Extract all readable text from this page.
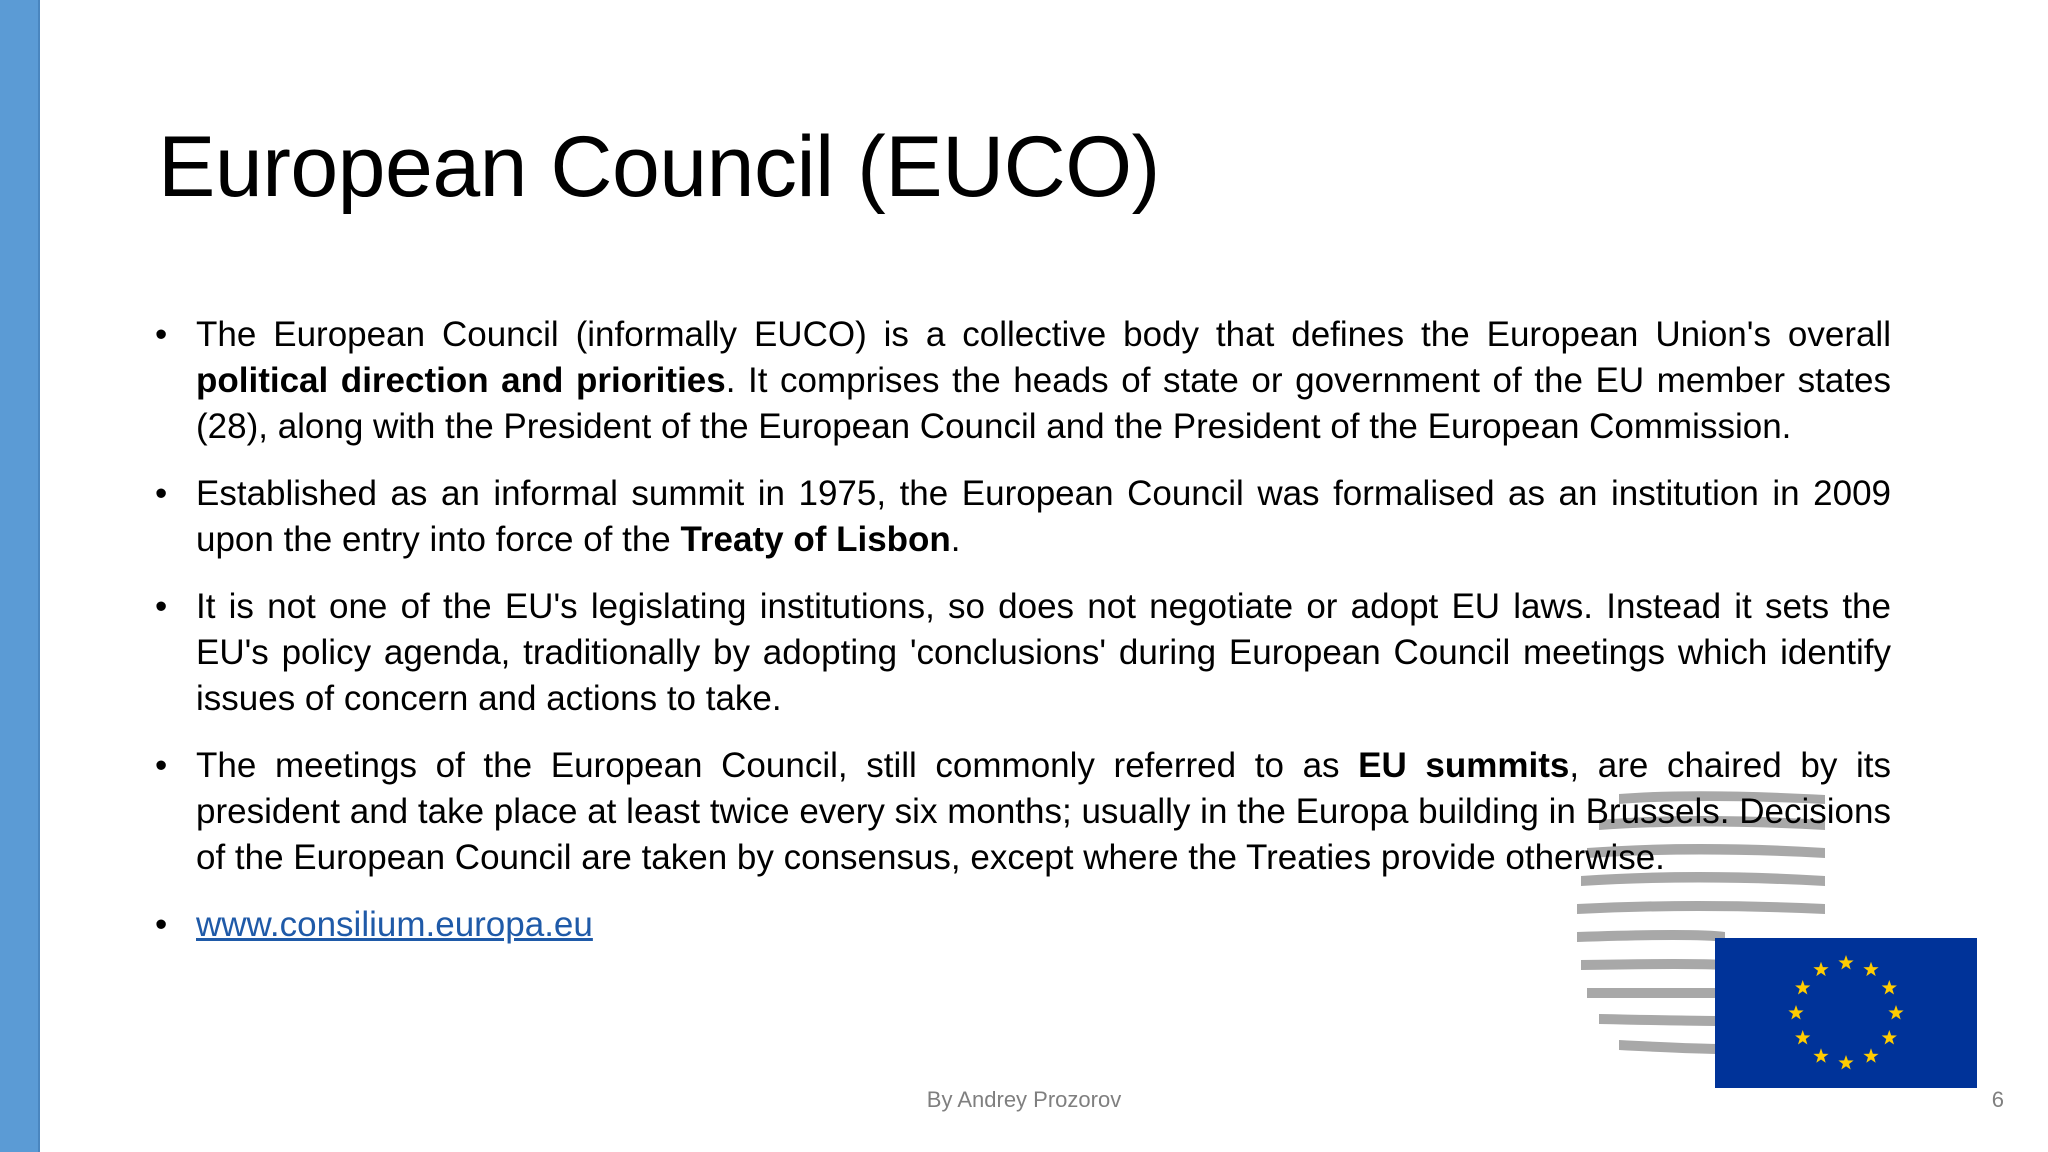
European Council (EUCO)
• The European Council (informally EUCO) is a collective body that defines the European Union's overall political direction and priorities. It comprises the heads of state or government of the EU member states (28), along with the President of the European Council and the President of the European Commission.
• Established as an informal summit in 1975, the European Council was formalised as an institution in 2009 upon the entry into force of the Treaty of Lisbon.
• It is not one of the EU's legislating institutions, so does not negotiate or adopt EU laws. Instead it sets the EU's policy agenda, traditionally by adopting 'conclusions' during European Council meetings which identify issues of concern and actions to take.
• The meetings of the European Council, still commonly referred to as EU summits, are chaired by its president and take place at least twice every six months; usually in the Europa building in Brussels. Decisions of the European Council are taken by consensus, except where the Treaties provide otherwise.
• www.consilium.europa.eu
By Andrey Prozorov	6
